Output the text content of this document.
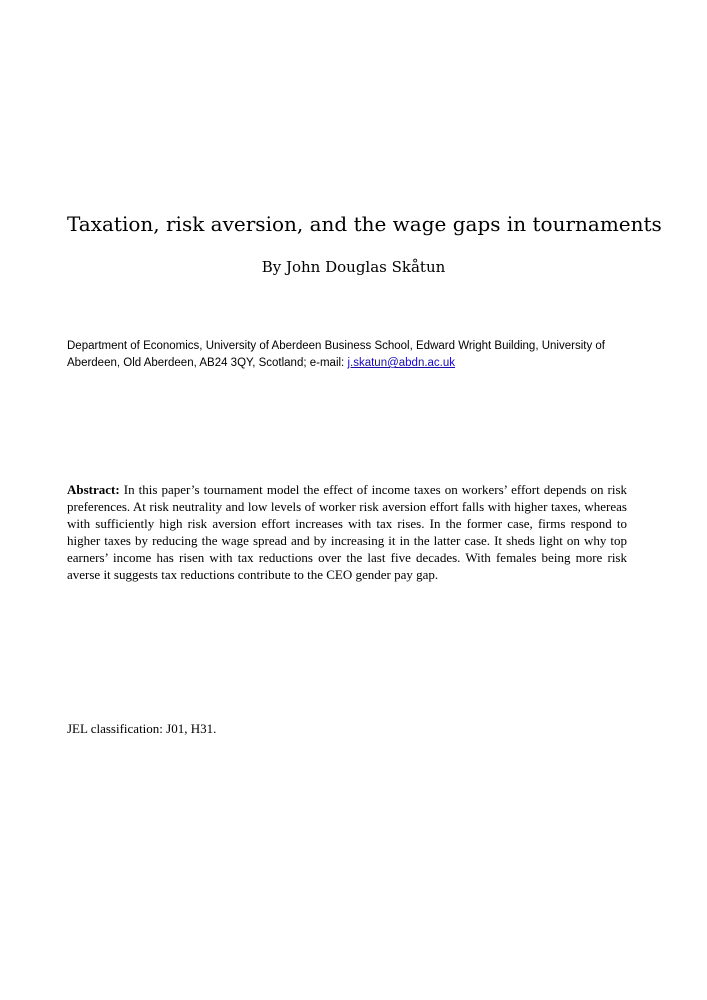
Taxation, risk aversion, and the wage gaps in tournaments
By John Douglas Skåtun
Department of Economics, University of Aberdeen Business School, Edward Wright Building, University of Aberdeen, Old Aberdeen, AB24 3QY, Scotland; e-mail: j.skatun@abdn.ac.uk

Abstract: In this paper’s tournament model the effect of income taxes on workers’ effort depends on risk preferences. At risk neutrality and low levels of worker risk aversion effort falls with higher taxes, whereas with sufficiently high risk aversion effort increases with tax rises. In the former case, firms respond to higher taxes by reducing the wage spread and by increasing it in the latter case. It sheds light on why top earners’ income has risen with tax reductions over the last five decades. With females being more risk averse it suggests tax reductions contribute to the CEO gender pay gap.

JEL classification: J01, H31.
